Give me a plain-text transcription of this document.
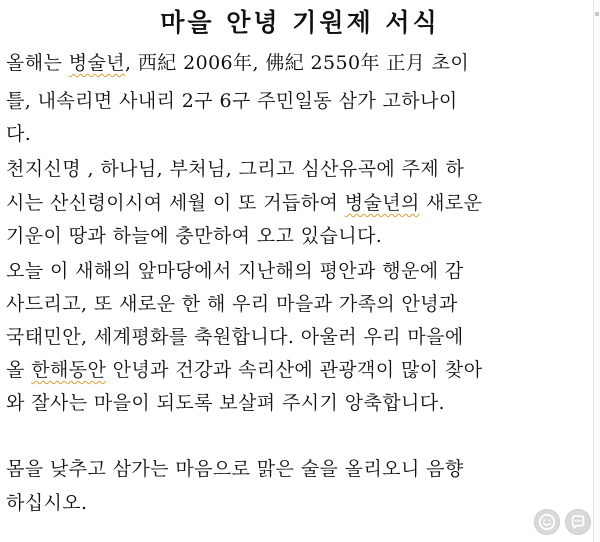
마을 안녕 기원제 서식
올해는 병술년, 西紀 2006年, 佛紀 2550年 正月 초이
틀, 내속리면 사내리 2구 6구 주민일동 삼가 고하나이
다.
천지신명 , 하나님, 부처님, 그리고 심산유곡에 주제 하
시는 산신령이시여 세월 이 또 거듭하여 병술년의 새로운
기운이 땅과 하늘에 충만하여 오고 있습니다.
오늘 이 새해의 앞마당에서 지난해의 평안과 행운에 감
사드리고, 또 새로운 한 해 우리 마을과 가족의 안녕과
국태민안, 세계평화를 축원합니다. 아울러 우리 마을에
올 한해동안 안녕과 건강과 속리산에 관광객이 많이 찾아
와 잘사는 마을이 되도록 보살펴 주시기 앙축합니다.
몸을 낮추고 삼가는 마음으로 맑은 술을 올리오니 음향
하십시오.
